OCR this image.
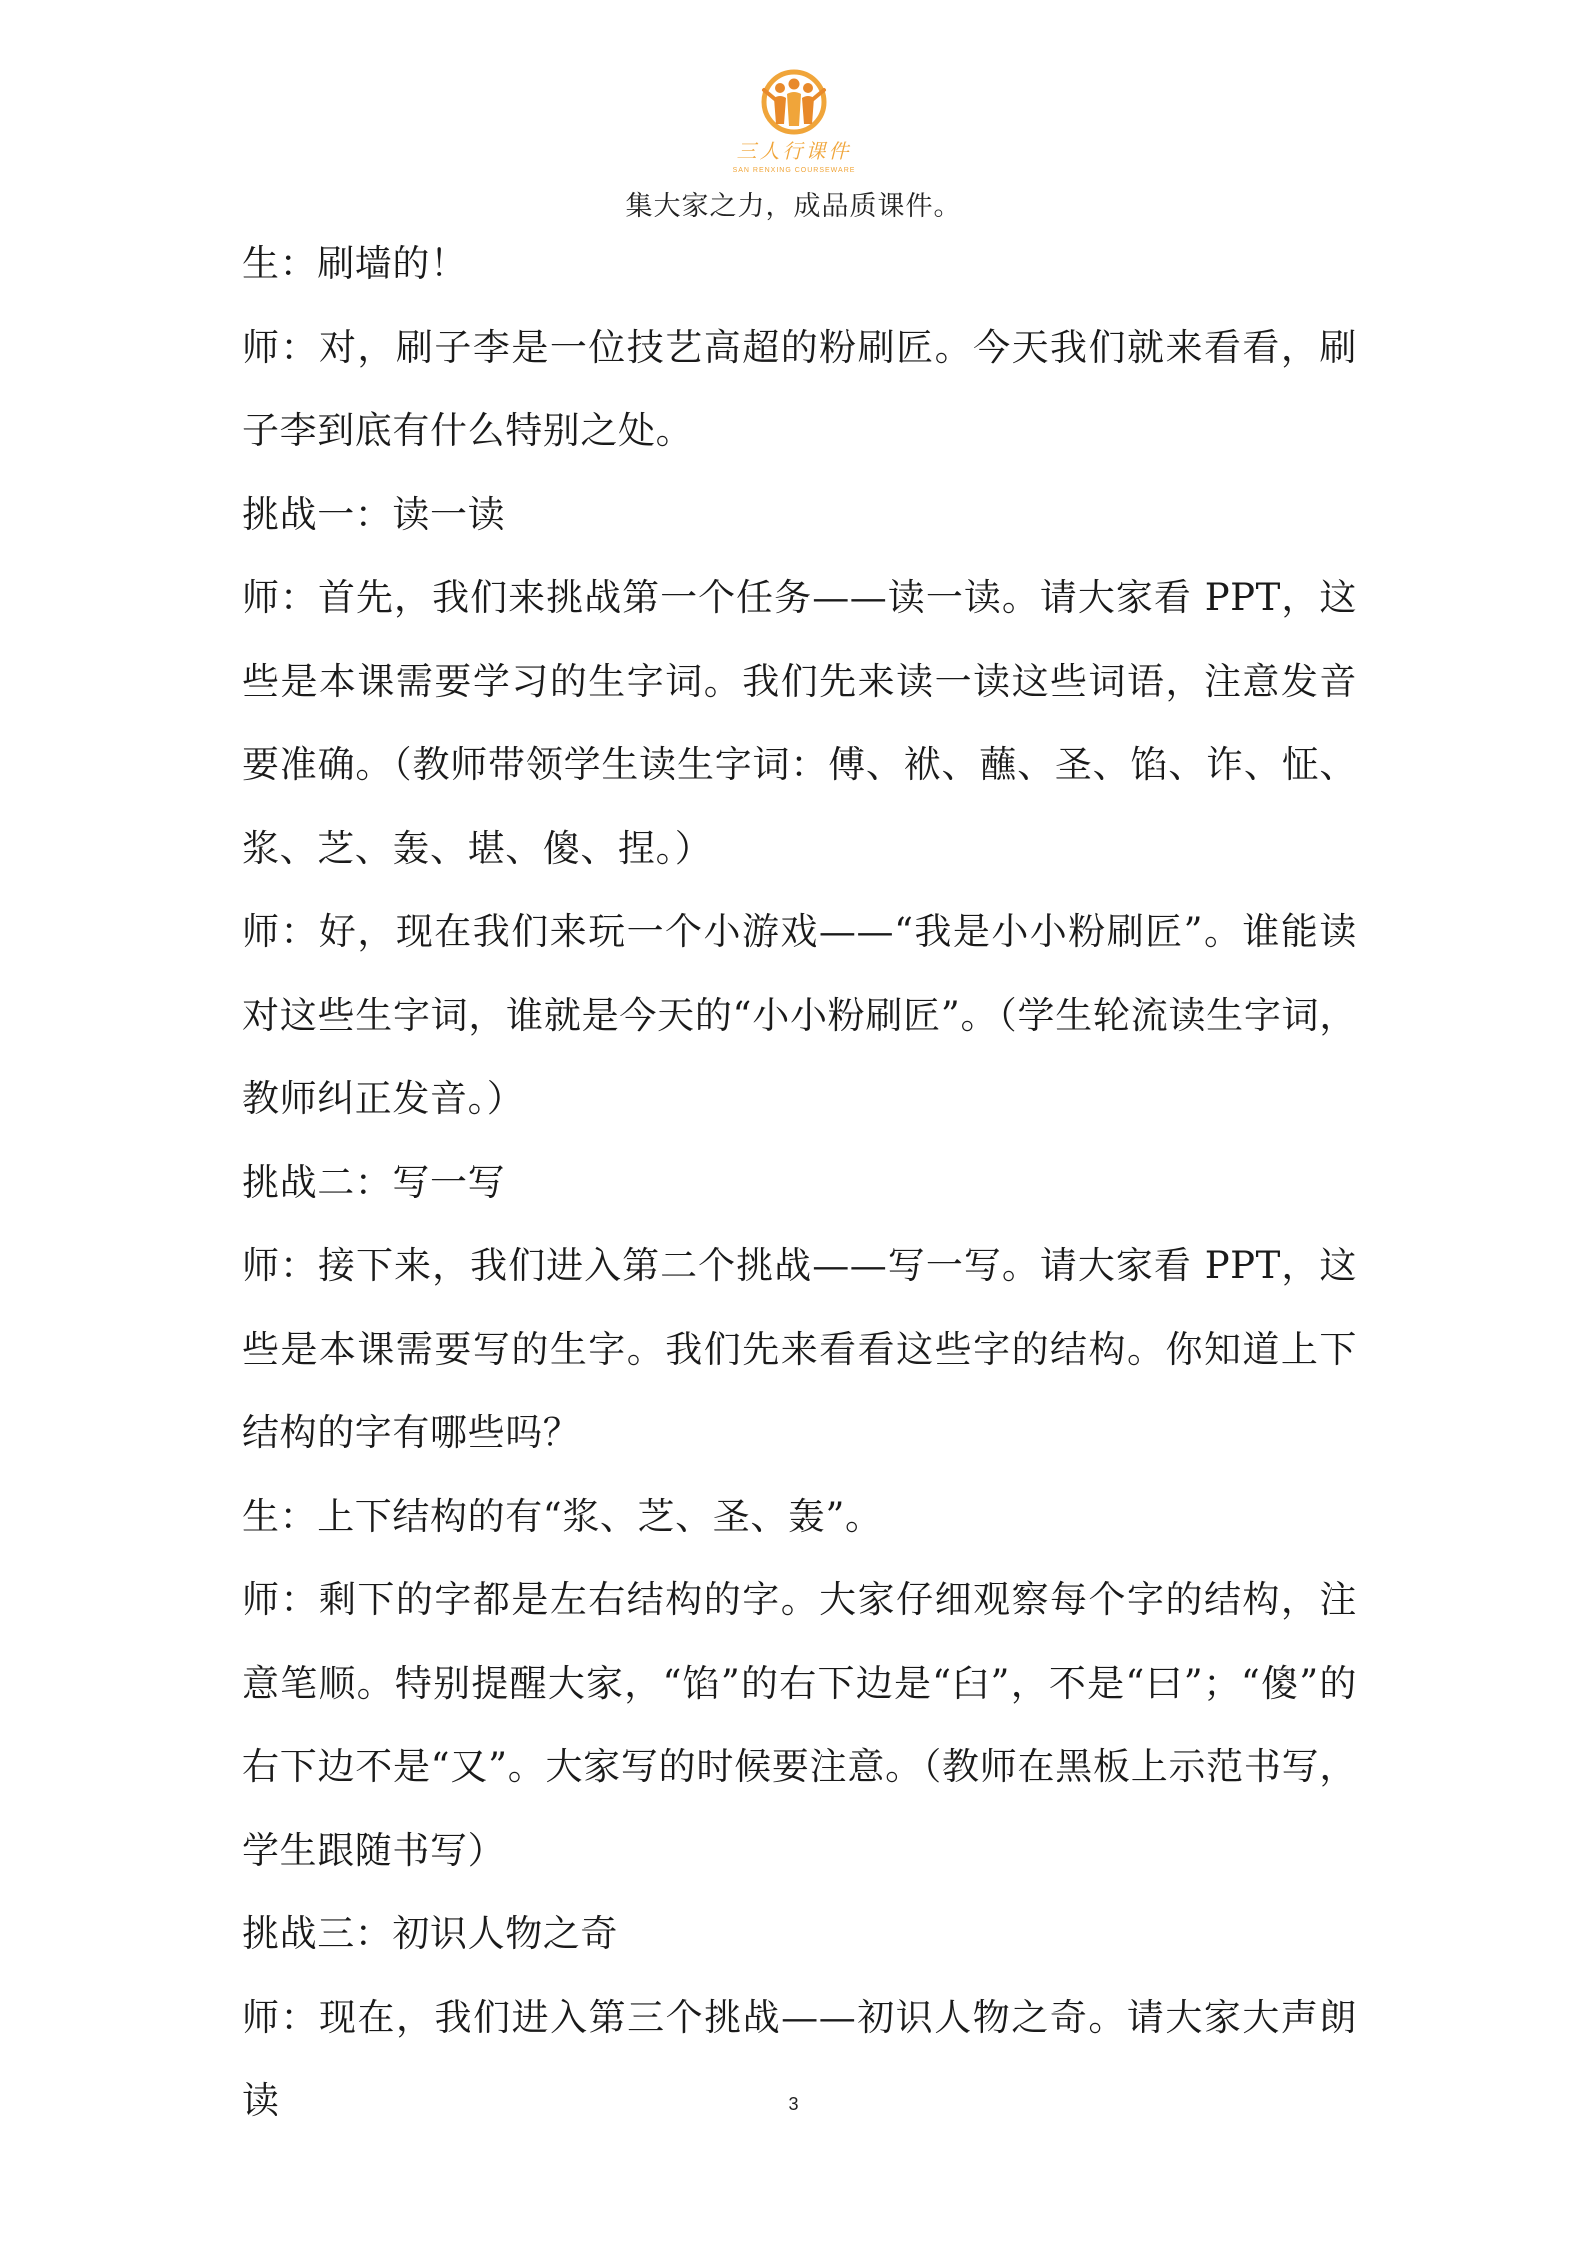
三人行课件
SAN RENXING COURSEWARE
集大家之力，成品质课件。

生：刷墙的！

师：对，刷子李是一位技艺高超的粉刷匠。今天我们就来看看，刷子李到底有什么特别之处。

挑战一：读一读

师：首先，我们来挑战第一个任务——读一读。请大家看 PPT，这些是本课需要学习的生字词。我们先来读一读这些词语，注意发音要准确。（教师带领学生读生字词：傅、袱、蘸、圣、馅、诈、怔、浆、芝、轰、堪、傻、捏。）

师：好，现在我们来玩一个小游戏——“我是小小粉刷匠”。谁能读对这些生字词，谁就是今天的“小小粉刷匠”。（学生轮流读生字词，教师纠正发音。）

挑战二：写一写

师：接下来，我们进入第二个挑战——写一写。请大家看 PPT，这些是本课需要写的生字。我们先来看看这些字的结构。你知道上下结构的字有哪些吗？

生：上下结构的有“浆、芝、圣、轰”。

师：剩下的字都是左右结构的字。大家仔细观察每个字的结构，注意笔顺。特别提醒大家，“馅”的右下边是“臼”，不是“曰”；“傻”的右下边不是“又”。大家写的时候要注意。（教师在黑板上示范书写，学生跟随书写）

挑战三：初识人物之奇

师：现在，我们进入第三个挑战——初识人物之奇。请大家大声朗读	3
